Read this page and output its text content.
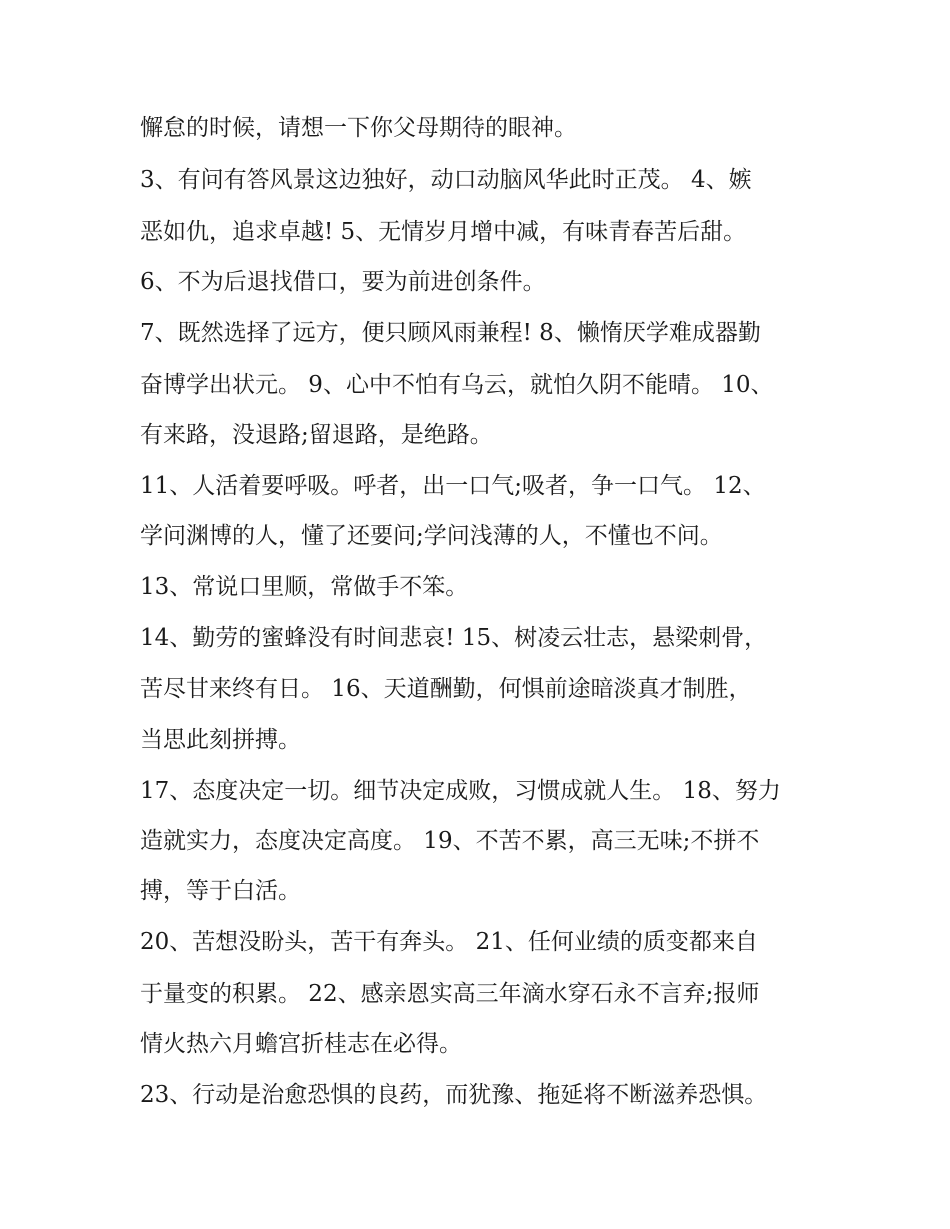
懈怠的时候，请想一下你父母期待的眼神。
3、有问有答风景这边独好，动口动脑风华此时正茂。 4、嫉
恶如仇，追求卓越! 5、无情岁月增中减，有味青春苦后甜。
6、不为后退找借口，要为前进创条件。
7、既然选择了远方，便只顾风雨兼程! 8、懒惰厌学难成器勤
奋博学出状元。 9、心中不怕有乌云，就怕久阴不能晴。 10、
有来路，没退路;留退路，是绝路。
11、人活着要呼吸。呼者，出一口气;吸者，争一口气。 12、
学问渊博的人，懂了还要问;学问浅薄的人，不懂也不问。
13、常说口里顺，常做手不笨。
14、勤劳的蜜蜂没有时间悲哀! 15、树凌云壮志，悬梁刺骨，
苦尽甘来终有日。 16、天道酬勤，何惧前途暗淡真才制胜，
当思此刻拼搏。
17、态度决定一切。细节决定成败，习惯成就人生。 18、努力
造就实力，态度决定高度。 19、不苦不累，高三无味;不拼不
搏，等于白活。
20、苦想没盼头，苦干有奔头。 21、任何业绩的质变都来自
于量变的积累。 22、感亲恩实高三年滴水穿石永不言弃;报师
情火热六月蟾宫折桂志在必得。
23、行动是治愈恐惧的良药，而犹豫、拖延将不断滋养恐惧。
